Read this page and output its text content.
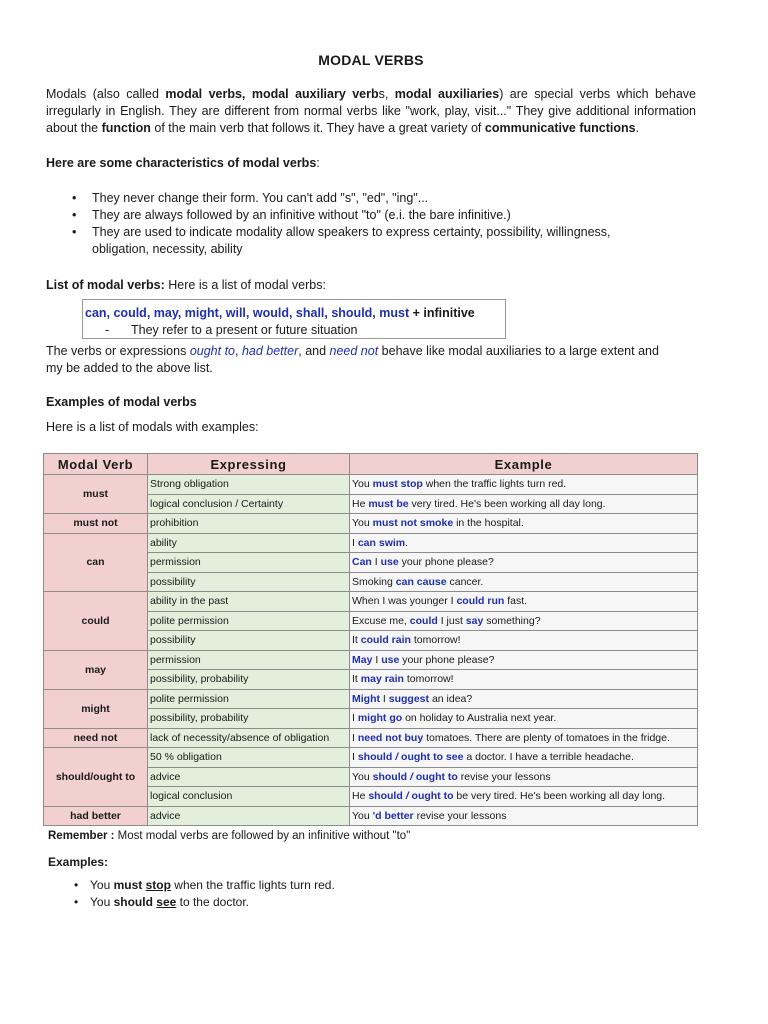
MODAL VERBS
Modals (also called modal verbs, modal auxiliary verbs, modal auxiliaries) are special verbs which behave irregularly in English. They are different from normal verbs like "work, play, visit..." They give additional information about the function of the main verb that follows it. They have a great variety of communicative functions.
Here are some characteristics of modal verbs:
• They never change their form. You can't add "s", "ed", "ing"...
• They are always followed by an infinitive without "to" (e.i. the bare infinitive.)
• They are used to indicate modality allow speakers to express certainty, possibility, willingness, obligation, necessity, ability
List of modal verbs: Here is a list of modal verbs:
can, could, may, might, will, would, shall, should, must + infinitive
- They refer to a present or future situation
The verbs or expressions ought to, had better, and need not behave like modal auxiliaries to a large extent and my be added to the above list.
Examples of modal verbs
Here is a list of modals with examples:
Modal Verb	Expressing	Example
must	Strong obligation	You must stop when the traffic lights turn red.
	logical conclusion / Certainty	He must be very tired. He's been working all day long.
must not	prohibition	You must not smoke in the hospital.
can	ability	I can swim.
	permission	Can I use your phone please?
	possibility	Smoking can cause cancer.
could	ability in the past	When I was younger I could run fast.
	polite permission	Excuse me, could I just say something?
	possibility	It could rain tomorrow!
may	permission	May I use your phone please?
	possibility, probability	It may rain tomorrow!
might	polite permission	Might I suggest an idea?
	possibility, probability	I might go on holiday to Australia next year.
need not	lack of necessity/absence of obligation	I need not buy tomatoes. There are plenty of tomatoes in the fridge.
should/ought to	50 % obligation	I should / ought to see a doctor. I have a terrible headache.
	advice	You should / ought to revise your lessons
	logical conclusion	He should / ought to be very tired. He's been working all day long.
had better	advice	You 'd better revise your lessons
Remember : Most modal verbs are followed by an infinitive without "to"
Examples:
• You must stop when the traffic lights turn red.
• You should see to the doctor.
